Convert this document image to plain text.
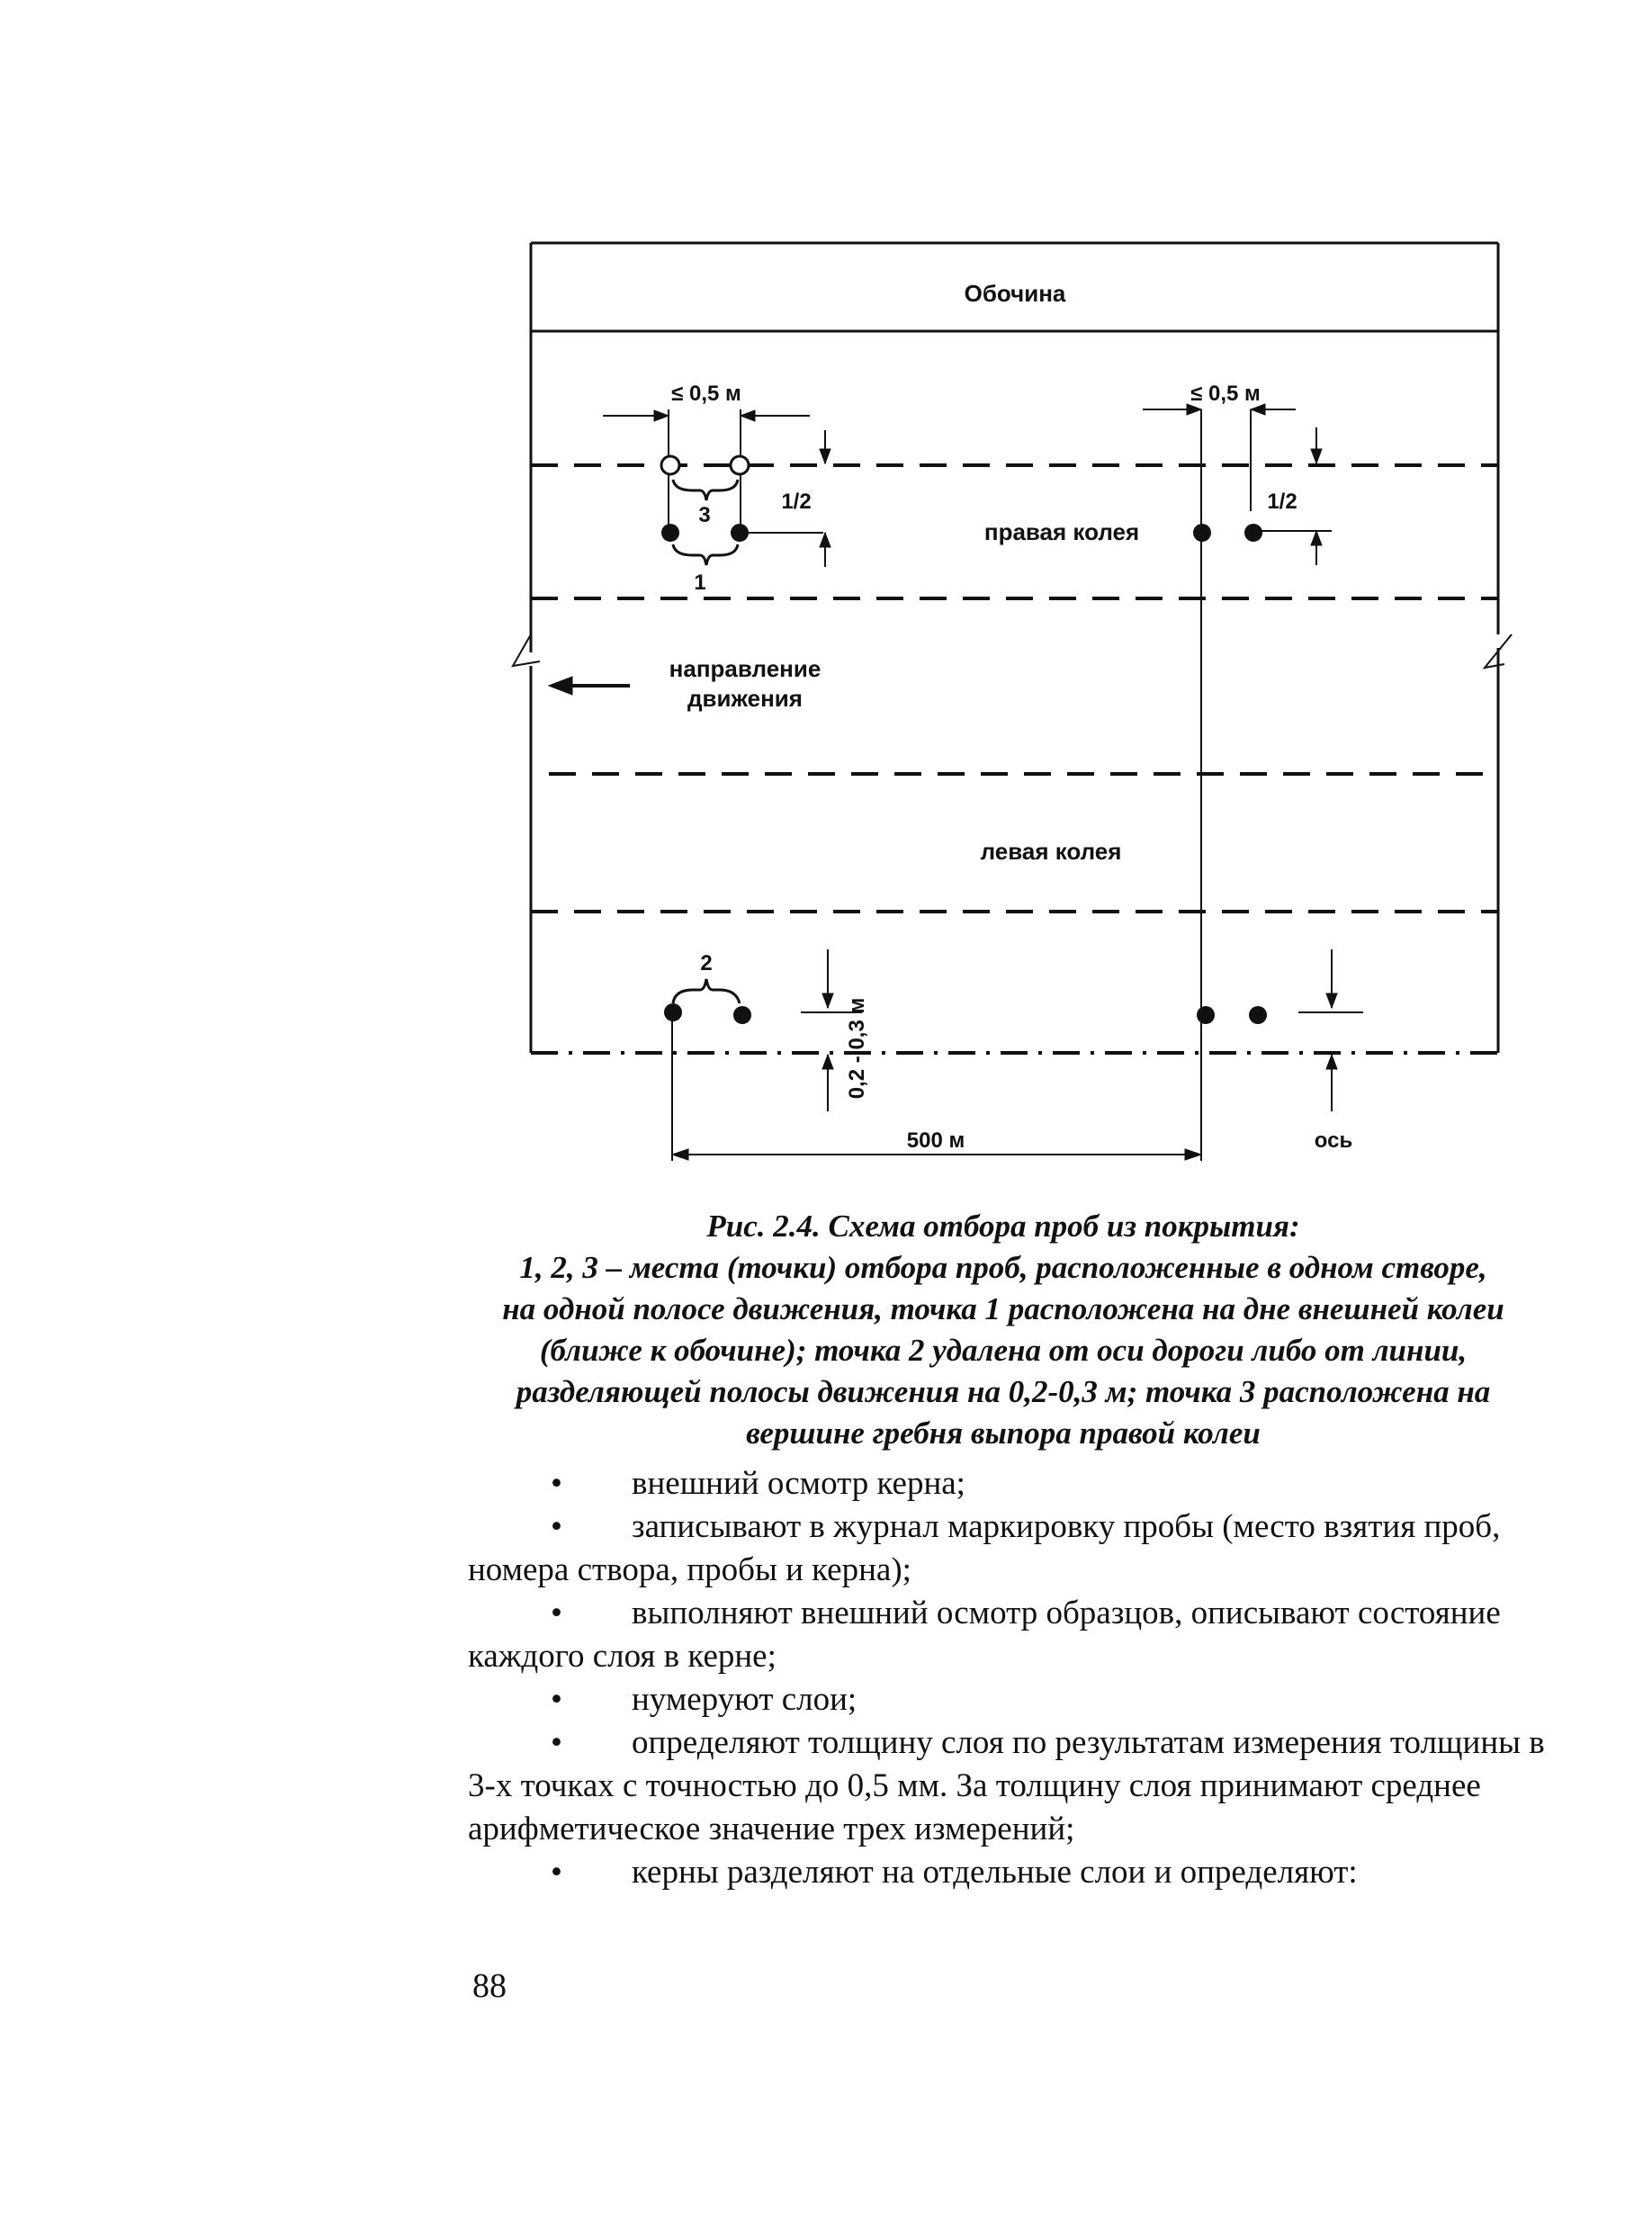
Обочина
≤ 0,5 м	≤ 0,5 м
3
1
1/2	1/2
правая колея
направление
движения
левая колея
2
0,2 - 0,3 м
500 м	ось
Рис. 2.4. Схема отбора проб из покрытия:
1, 2, 3 – места (точки) отбора проб, расположенные в одном створе,
на одной полосе движения, точка 1 расположена на дне внешней колеи
(ближе к обочине); точка 2 удалена от оси дороги либо от линии,
разделяющей полосы движения на 0,2-0,3 м; точка 3 расположена на
вершине гребня выпора правой колеи
• внешний осмотр керна;
• записывают в журнал маркировку пробы (место взятия проб, номера створа, пробы и керна);
• выполняют внешний осмотр образцов, описывают состояние каждого слоя в керне;
• нумеруют слои;
• определяют толщину слоя по результатам измерения толщины в 3-х точках с точностью до 0,5 мм. За толщину слоя принимают среднее арифметическое значение трех измерений;
• керны разделяют на отдельные слои и определяют:
88
